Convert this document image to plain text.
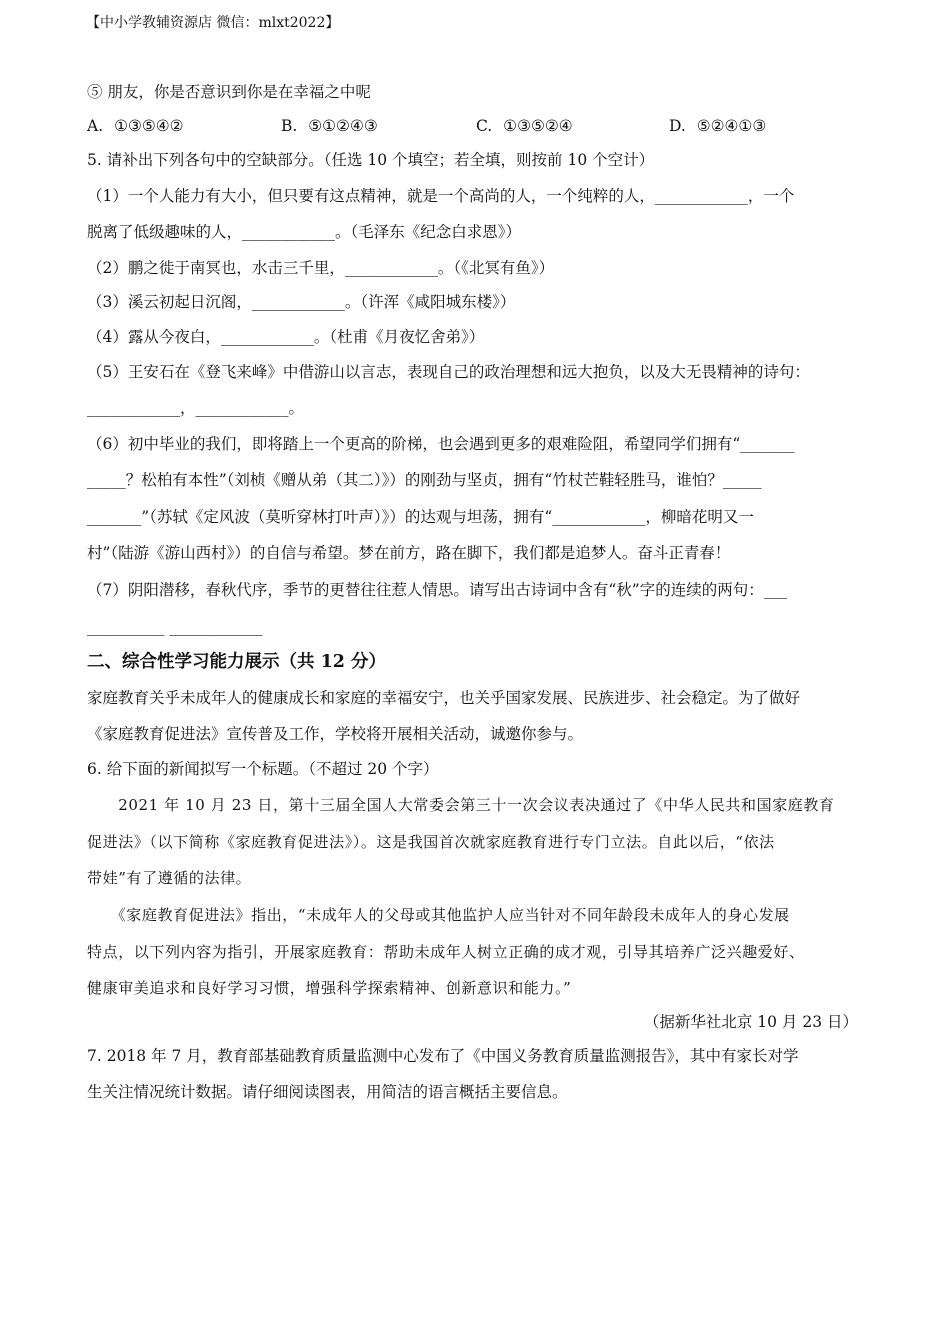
【中小学教辅资源店 微信：mlxt2022】
⑤ 朋友，你是否意识到你是在幸福之中呢
A. ①③⑤④②	B. ⑤①②④③	C. ①③⑤②④	D. ⑤②④①③
5. 请补出下列各句中的空缺部分。（任选 10 个填空；若全填，则按前 10 个空计）
（1）一个人能力有大小，但只要有这点精神，就是一个高尚的人，一个纯粹的人，____________，一个
脱离了低级趣味的人，____________。（毛泽东《纪念白求恩》）
（2）鹏之徙于南冥也，水击三千里，____________。（《北冥有鱼》）
（3）溪云初起日沉阁，____________。（许浑《咸阳城东楼》）
（4）露从今夜白，____________。（杜甫《月夜忆舍弟》）
（5）王安石在《登飞来峰》中借游山以言志，表现自己的政治理想和远大抱负，以及大无畏精神的诗句：
____________，____________。
（6）初中毕业的我们，即将踏上一个更高的阶梯，也会遇到更多的艰难险阻，希望同学们拥有“_______
_____？松柏有本性”（刘桢《赠从弟（其二）》）的刚劲与坚贞，拥有“竹杖芒鞋轻胜马，谁怕？_____
_______”（苏轼《定风波（莫听穿林打叶声）》）的达观与坦荡，拥有“____________，柳暗花明又一
村”（陆游《游山西村》）的自信与希望。梦在前方，路在脚下，我们都是追梦人。奋斗正青春！
（7）阴阳潜移，春秋代序，季节的更替往往惹人情思。请写出古诗词中含有“秋”字的连续的两句：___
__________ ____________
二、综合性学习能力展示（共 12 分）
家庭教育关乎未成年人的健康成长和家庭的幸福安宁，也关乎国家发展、民族进步、社会稳定。为了做好
《家庭教育促进法》宣传普及工作，学校将开展相关活动，诚邀你参与。
6. 给下面的新闻拟写一个标题。（不超过 20 个字）
　　2021 年 10 月 23 日，第十三届全国人大常委会第三十一次会议表决通过了《中华人民共和国家庭教育
促进法》（以下简称《家庭教育促进法》）。这是我国首次就家庭教育进行专门立法。自此以后，“依法
带娃”有了遵循的法律。
　　《家庭教育促进法》指出，“未成年人的父母或其他监护人应当针对不同年龄段未成年人的身心发展
特点，以下列内容为指引，开展家庭教育：帮助未成年人树立正确的成才观，引导其培养广泛兴趣爱好、
健康审美追求和良好学习习惯，增强科学探索精神、创新意识和能力。”
（据新华社北京 10 月 23 日）
7. 2018 年 7 月，教育部基础教育质量监测中心发布了《中国义务教育质量监测报告》，其中有家长对学
生关注情况统计数据。请仔细阅读图表，用简洁的语言概括主要信息。
